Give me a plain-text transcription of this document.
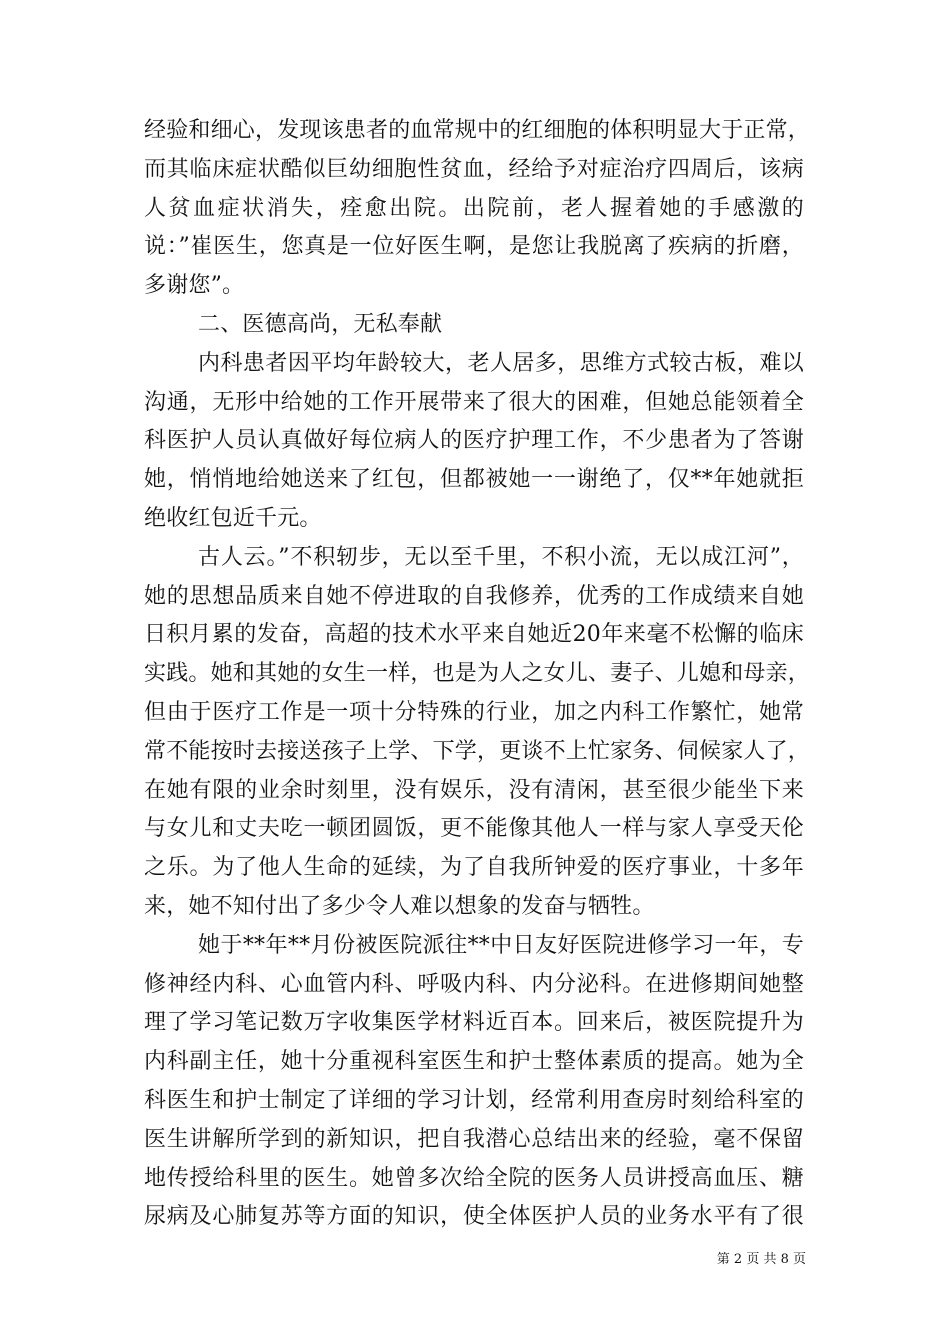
经验和细心，发现该患者的血常规中的红细胞的体积明显大于正常，
而其临床症状酷似巨幼细胞性贫血，经给予对症治疗四周后，该病
人贫血症状消失，痊愈出院。出院前，老人握着她的手感激的
说：”崔医生，您真是一位好医生啊，是您让我脱离了疾病的折磨，
多谢您”。
二、医德高尚，无私奉献
内科患者因平均年龄较大，老人居多，思维方式较古板，难以
沟通，无形中给她的工作开展带来了很大的困难，但她总能领着全
科医护人员认真做好每位病人的医疗护理工作，不少患者为了答谢
她，悄悄地给她送来了红包，但都被她一一谢绝了，仅**年她就拒
绝收红包近千元。
古人云。”不积轫步，无以至千里，不积小流，无以成江河”，
她的思想品质来自她不停进取的自我修养，优秀的工作成绩来自她
日积月累的发奋，高超的技术水平来自她近20年来毫不松懈的临床
实践。她和其她的女生一样，也是为人之女儿、妻子、儿媳和母亲，
但由于医疗工作是一项十分特殊的行业，加之内科工作繁忙，她常
常不能按时去接送孩子上学、下学，更谈不上忙家务、伺候家人了，
在她有限的业余时刻里，没有娱乐，没有清闲，甚至很少能坐下来
与女儿和丈夫吃一顿团圆饭，更不能像其他人一样与家人享受天伦
之乐。为了他人生命的延续，为了自我所钟爱的医疗事业，十多年
来，她不知付出了多少令人难以想象的发奋与牺牲。
她于**年**月份被医院派往**中日友好医院进修学习一年，专
修神经内科、心血管内科、呼吸内科、内分泌科。在进修期间她整
理了学习笔记数万字收集医学材料近百本。回来后，被医院提升为
内科副主任，她十分重视科室医生和护士整体素质的提高。她为全
科医生和护士制定了详细的学习计划，经常利用查房时刻给科室的
医生讲解所学到的新知识，把自我潜心总结出来的经验，毫不保留
地传授给科里的医生。她曾多次给全院的医务人员讲授高血压、糖
尿病及心肺复苏等方面的知识，使全体医护人员的业务水平有了很
第 2 页 共 8 页
